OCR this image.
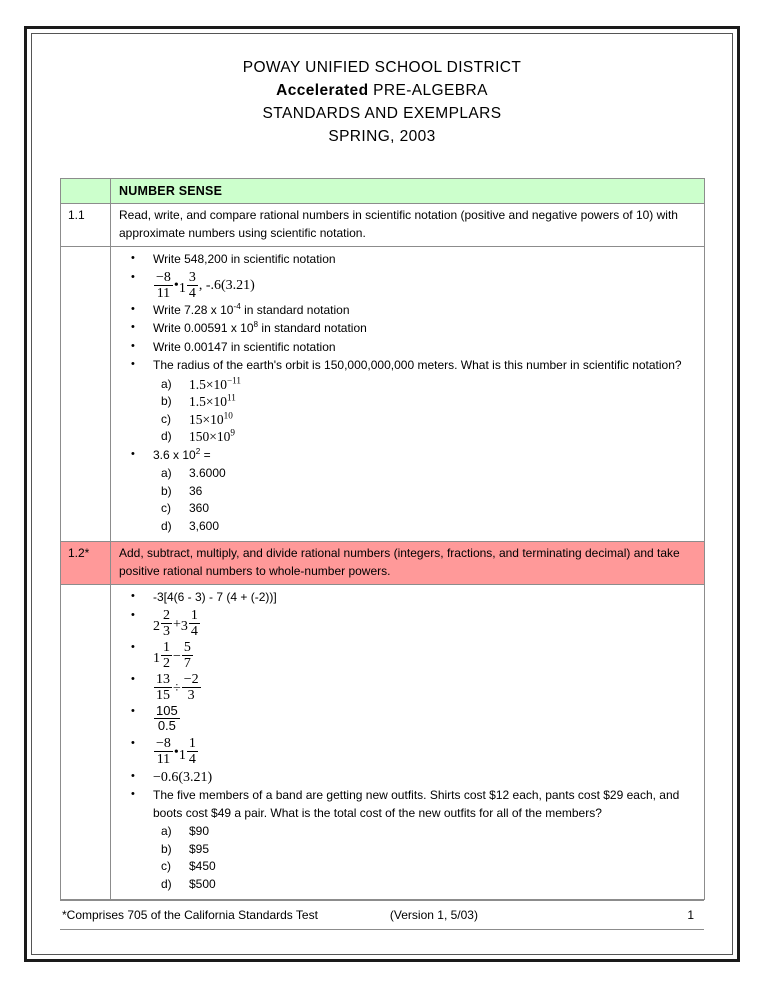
POWAY UNIFIED SCHOOL DISTRICT
Accelerated PRE-ALGEBRA
STANDARDS AND EXEMPLARS
SPRING, 2003

	NUMBER SENSE

1.1	Read, write, and compare rational numbers in scientific notation (positive and negative powers of 10) with approximate numbers using scientific notation.

• Write 548,200 in scientific notation
• $\frac{-8}{11}$ •1 $\frac{3}{4}$ , -.6(3.21)
• Write 7.28 x $10^{-4}$ in standard notation
• Write 0.00591 x $10^8$ in standard notation
• Write 0.00147 in scientific notation
• The radius of the earth's orbit is 150,000,000,000 meters. What is this number in scientific notation?
a) $1.5\times 10^{-11}$
b) $1.5\times 10^{11}$
c) $15\times 10^{10}$
d) $150\times 10^9$
• 3.6 x $10^2$ =
a) 3.6000
b) 36
c) 360
d) 3,600

1.2*	Add, subtract, multiply, and divide rational numbers (integers, fractions, and terminating decimal) and take positive rational numbers to whole-number powers.

• -3[4(6 - 3) - 7 (4 + (-2))]
• $2 \frac{2}{3} +3 \frac{1}{4}$
• $1 \frac{1}{2} - \frac{5}{7}$
• $\frac{13}{15} \div \frac{-2}{3}$
• $\frac{105}{0.5}$
• $\frac{-8}{11}$ •1 $\frac{1}{4}$
• −0.6(3.21)
• The five members of a band are getting new outfits. Shirts cost $12 each, pants cost $29 each, and boots cost $49 a pair. What is the total cost of the new outfits for all of the members?
a) $90
b) $95
c) $450
d) $500
*Comprises 705 of the California Standards Test	(Version 1, 5/03)	1
